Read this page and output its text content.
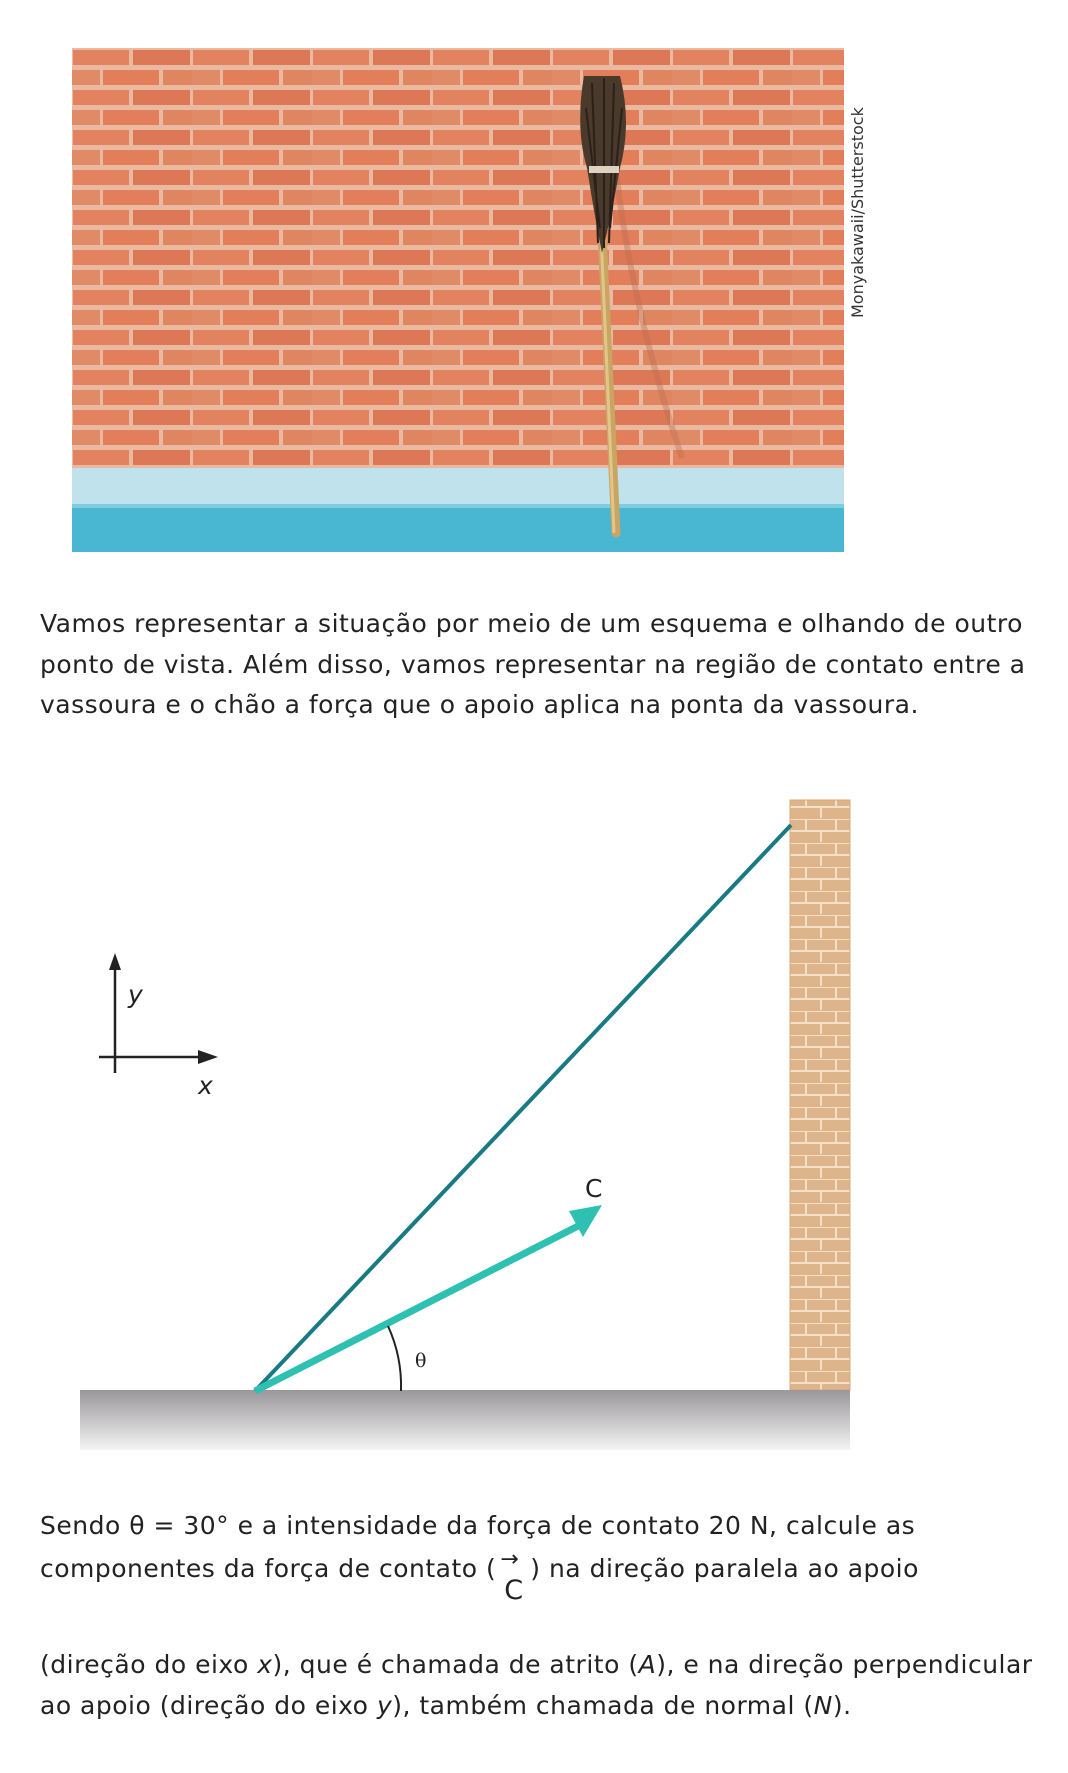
Monyakawaii/Shutterstock

Vamos representar a situação por meio de um esquema e olhando de outro ponto de vista. Além disso, vamos representar na região de contato entre a vassoura e o chão a força que o apoio aplica na ponta da vassoura.

θ
C
y
x

Sendo θ = 30° e a intensidade da força de contato 20 N, calcule as componentes da força de contato ( →
C
) na direção paralela ao apoio

(direção do eixo x), que é chamada de atrito (A), e na direção perpendicular ao apoio (direção do eixo y), também chamada de normal (N).
